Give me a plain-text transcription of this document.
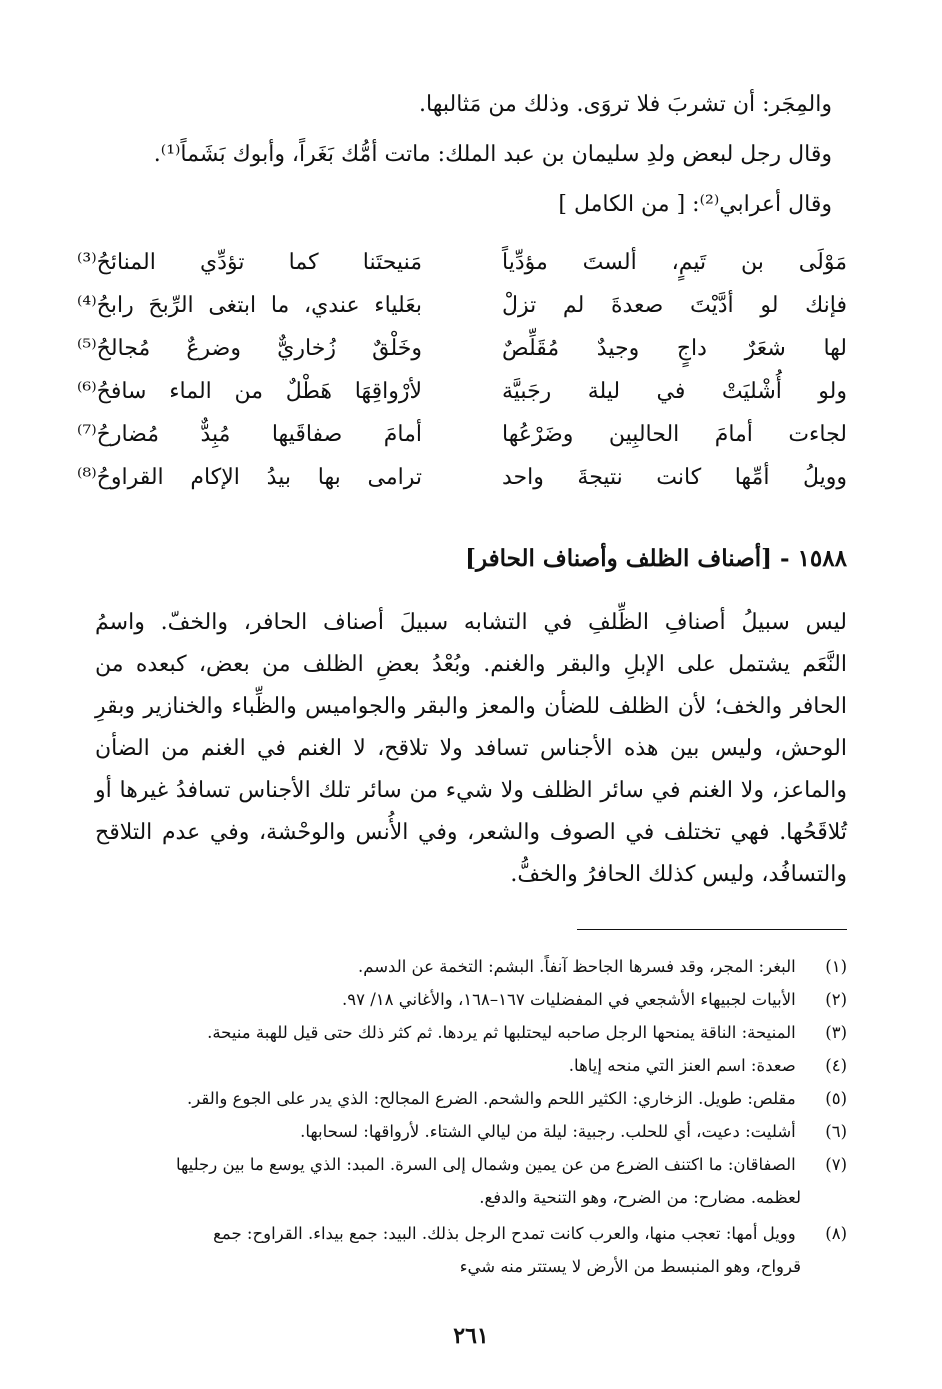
والمِجَر: أن تشربَ فلا تروَى. وذلك من مَثالبها.
وقال رجل لبعض ولدِ سليمان بن عبد الملك: ماتت أمُّك بَغَراً، وأبوك بَشَماً⁽¹⁾.
وقال أعرابي⁽²⁾: [ من الكامل ]
مَوْلَى بن تَيمٍ، ألستَ مؤدِّياً
مَنيحتَنا كما تؤدِّي المنائحُ⁽³⁾
فإنك لو أدَّيْتَ صعدةَ لم تزلْ
بعَلياء عندي، ما ابتغى الرِّبحَ رابحُ⁽⁴⁾
لها شعَرٌ داجٍ وجيدٌ مُقَلِّصٌ
وخَلْقٌ زُخاريٌّ وضرعٌ مُجالحُ⁽⁵⁾
ولو أُشْليَتْ في ليلة رجَبيَّة
لأرْواقِهَا هَطْلٌ من الماء سافحُ⁽⁶⁾
لجاءت أمامَ الحالبِين وضَرْعُها
أمامَ صفاقَيها مُبِدٌّ مُضارحُ⁽⁷⁾
وويلُ أمِّها كانت نتيجةَ واحد
ترامى بها بيدُ الإكام القراوحُ⁽⁸⁾
١٥٨٨ - [أصناف الظلف وأصناف الحافر]
ليس سبيلُ أصنافِ الظِّلفِ في التشابه سبيلَ أصناف الحافر، والخفّ. واسمُ
النَّعَم يشتمل على الإبلِ والبقر والغنم. وبُعْدُ بعضِ الظلف من بعض، كبعده من
الحافر والخف؛ لأن الظلف للضأن والمعز والبقر والجواميس والظِّباء والخنازير وبقرِ
الوحش، وليس بين هذه الأجناس تسافد ولا تلاقح، لا الغنم في الغنم من الضأن
والماعز، ولا الغنم في سائر الظلف ولا شيء من سائر تلك الأجناس تسافدُ غيرها أو
تُلاقَحُها. فهي تختلف في الصوف والشعر، وفي الأُنس والوحْشة، وفي عدم التلاقح
والتسافُد، وليس كذلك الحافرُ والخفُّ.
(١) البغر: المجر، وقد فسرها الجاحظ آنفاً. البشم: التخمة عن الدسم.
(٢) الأبيات لجبيهاء الأشجعي في المفضليات ١٦٧–١٦٨، والأغاني ١٨/ ٩٧.
(٣) المنيحة: الناقة يمنحها الرجل صاحبه ليحتلبها ثم يردها. ثم كثر ذلك حتى قيل للهبة منيحة.
(٤) صعدة: اسم العنز التي منحه إياها.
(٥) مقلص: طويل. الزخاري: الكثير اللحم والشحم. الضرع المجالح: الذي يدر على الجوع والقر.
(٦) أشليت: دعيت، أي للحلب. رجبية: ليلة من ليالي الشتاء. لأرواقها: لسحابها.
(٧) الصفاقان: ما اكتنف الضرع من عن يمين وشمال إلى السرة. المبد: الذي يوسع ما بين رجليها
لعظمه. مضارح: من الضرح، وهو التنحية والدفع.
(٨) وويل أمها: تعجب منها، والعرب كانت تمدح الرجل بذلك. البيد: جمع بيداء. القراوح: جمع
قرواح، وهو المنبسط من الأرض لا يستتر منه شيء
٢٦١
